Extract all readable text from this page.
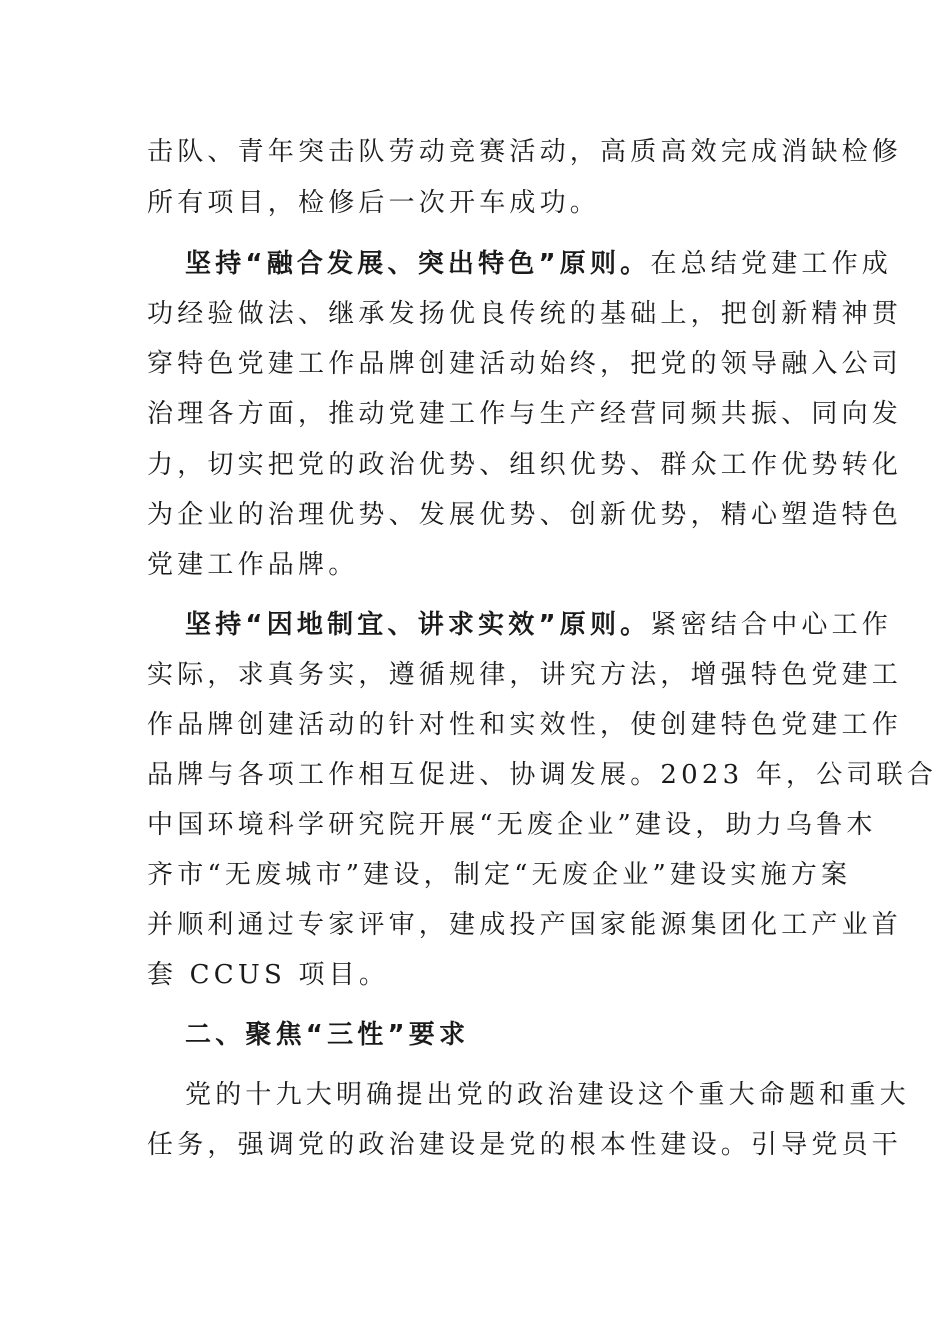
击队、青年突击队劳动竞赛活动，高质高效完成消缺检修
所有项目，检修后一次开车成功。
坚持“融合发展、突出特色”原则。在总结党建工作成
功经验做法、继承发扬优良传统的基础上，把创新精神贯
穿特色党建工作品牌创建活动始终，把党的领导融入公司
治理各方面，推动党建工作与生产经营同频共振、同向发
力，切实把党的政治优势、组织优势、群众工作优势转化
为企业的治理优势、发展优势、创新优势，精心塑造特色
党建工作品牌。
坚持“因地制宜、讲求实效”原则。紧密结合中心工作
实际，求真务实，遵循规律，讲究方法，增强特色党建工
作品牌创建活动的针对性和实效性，使创建特色党建工作
品牌与各项工作相互促进、协调发展。2023 年，公司联合
中国环境科学研究院开展“无废企业”建设，助力乌鲁木
齐市“无废城市”建设，制定“无废企业”建设实施方案
并顺利通过专家评审，建成投产国家能源集团化工产业首
套 CCUS 项目。
二、聚焦“三性”要求
党的十九大明确提出党的政治建设这个重大命题和重大
任务，强调党的政治建设是党的根本性建设。引导党员干
